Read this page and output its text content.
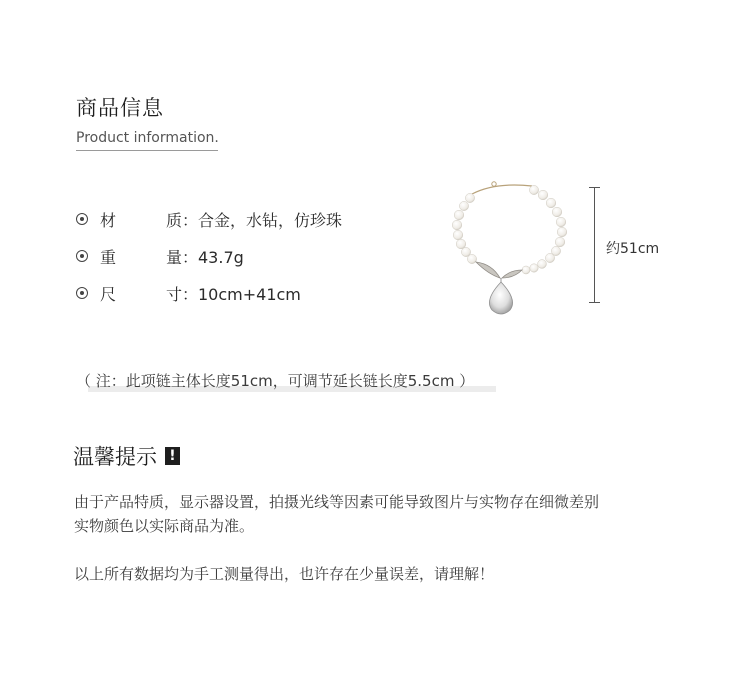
商品信息
Product information.
材	质 ：合金，水钻，仿珍珠
重	量 ：43.7g
尺	寸 ：10cm+41cm
约51cm
（ 注：此项链主体长度51cm，可调节延长链长度5.5cm ）
温馨提示 !
由于产品特质，显示器设置，拍摄光线等因素可能导致图片与实物存在细微差别
实物颜色以实际商品为准。
以上所有数据均为手工测量得出，也许存在少量误差，请理解！
